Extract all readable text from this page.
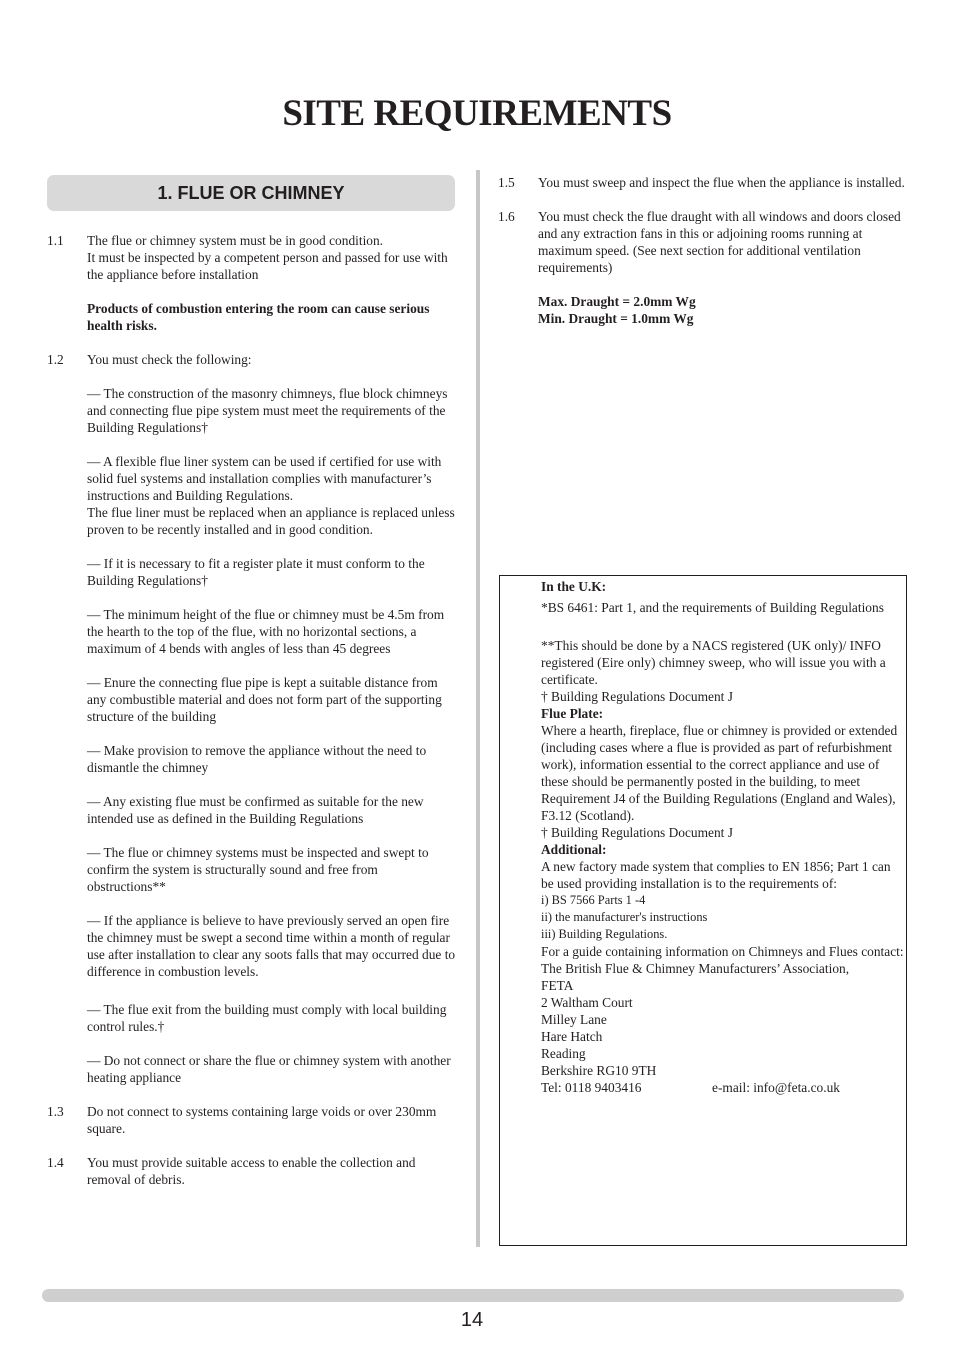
SITE REQUIREMENTS
1. FLUE OR CHIMNEY
1.1	The flue or chimney system must be in good condition.

It must be inspected by a competent person and passed for use with the appliance before installation

Products of combustion entering the room can cause serious health risks.

1.2	You must check the following:

— The construction of the masonry chimneys, flue block chimneys and connecting flue pipe system must meet the requirements of the Building Regulations†

— A flexible flue liner system can be used if certified for use with solid fuel systems and installation complies with manufacturer’s instructions and Building Regulations.

The flue liner must be replaced when an appliance is replaced unless proven to be recently installed and in good condition.

— If it is necessary to fit a register plate it must conform to the Building Regulations†

— The minimum height of the flue or chimney must be 4.5m from the hearth to the top of the flue, with no horizontal sections, a maximum of 4 bends with angles of less than 45 degrees

— Enure the connecting flue pipe is kept a suitable distance from any combustible material and does not form part of the supporting structure of the building

— Make provision to remove the appliance without the need to dismantle the chimney

— Any existing flue must be confirmed as suitable for the new intended use as defined in the Building Regulations

— The flue or chimney systems must be inspected and swept to confirm the system is structurally sound and free from obstructions**

— If the appliance is believe to have previously served an open fire the chimney must be swept a second time within a month of regular use after installation to clear any soots falls that may occurred due to difference in combustion levels.

— The flue exit from the building must comply with local building control rules.†

— Do not connect or share the flue or chimney system with another heating appliance

1.3	Do not connect to systems containing large voids or over 230mm square.
1.4	You must provide suitable access to enable the collection and removal of debris.
1.5	You must sweep and inspect the flue when the appliance is installed.
1.6	You must check the flue draught with all windows and doors closed and any extraction fans in this or adjoining rooms running at maximum speed. (See next section for additional ventilation requirements)

Max. Draught = 2.0mm Wg

Min. Draught = 1.0mm Wg

In the U.K:

*BS 6461: Part 1, and the requirements of Building Regulations

**This should be done by a NACS registered (UK only)/ INFO registered (Eire only) chimney sweep, who will issue you with a certificate.

† Building Regulations Document J

Flue Plate:

Where a hearth, fireplace, flue or chimney is provided or extended (including cases where a flue is provided as part of refurbishment work), information essential to the correct appliance and use of these should be permanently posted in the building, to meet Requirement J4 of the Building Regulations (England and Wales), F3.12 (Scotland).

† Building Regulations Document J

Additional:

A new factory made system that complies to EN 1856; Part 1 can be used providing installation is to the requirements of:

i) BS 7566 Parts 1 -4

ii) the manufacturer's instructions

iii) Building Regulations.

For a guide containing information on Chimneys and Flues contact:

The British Flue & Chimney Manufacturers’ Association,

FETA

2 Waltham Court

Milley Lane

Hare Hatch

Reading

Berkshire RG10 9TH

Tel: 0118 9403416	e-mail: info@feta.co.uk

14
